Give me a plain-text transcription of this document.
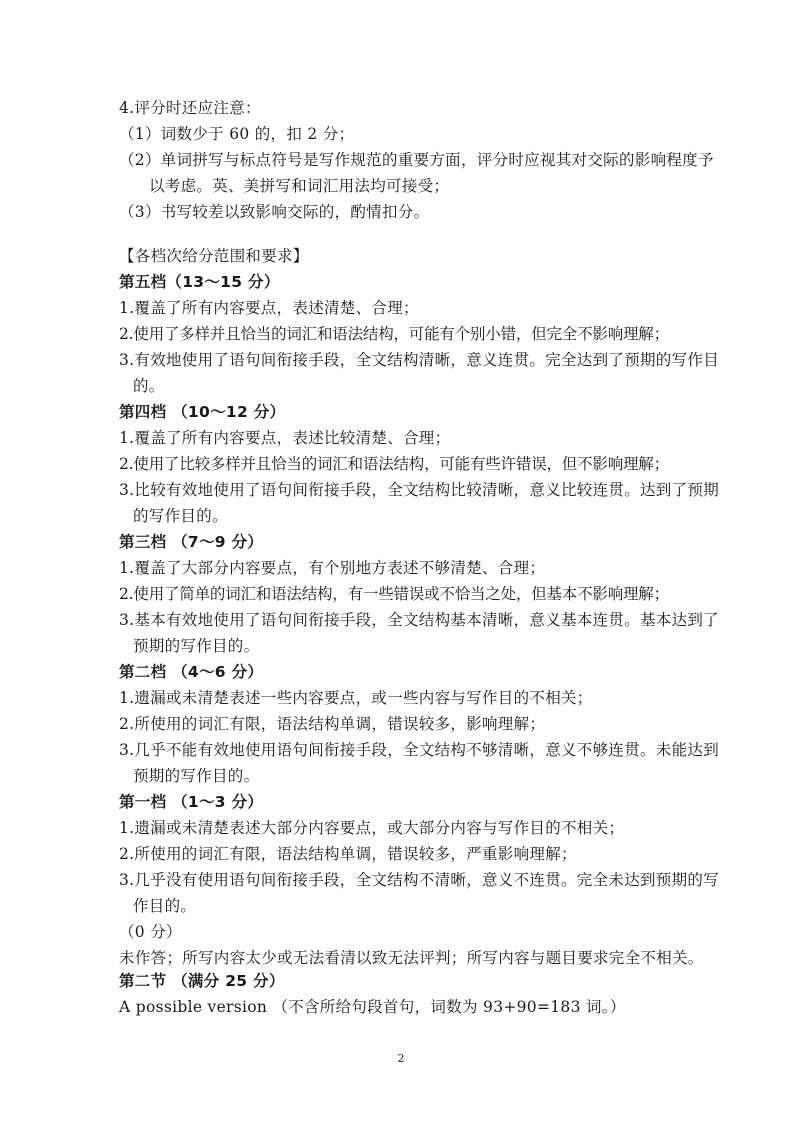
4.评分时还应注意：
（1）词数少于 60 的，扣 2 分；
（2）单词拼写与标点符号是写作规范的重要方面，评分时应视其对交际的影响程度予以考虑。英、美拼写和词汇用法均可接受；
（3）书写较差以致影响交际的，酌情扣分。
【各档次给分范围和要求】
第五档（13～15 分）
1.覆盖了所有内容要点，表述清楚、合理；
2.使用了多样并且恰当的词汇和语法结构，可能有个别小错，但完全不影响理解；
3.有效地使用了语句间衔接手段，全文结构清晰，意义连贯。完全达到了预期的写作目的。
第四档 （10～12 分）
1.覆盖了所有内容要点，表述比较清楚、合理；
2.使用了比较多样并且恰当的词汇和语法结构，可能有些许错误，但不影响理解；
3.比较有效地使用了语句间衔接手段，全文结构比较清晰，意义比较连贯。达到了预期的写作目的。
第三档 （7～9 分）
1.覆盖了大部分内容要点，有个别地方表述不够清楚、合理；
2.使用了简单的词汇和语法结构，有一些错误或不恰当之处，但基本不影响理解；
3.基本有效地使用了语句间衔接手段，全文结构基本清晰，意义基本连贯。基本达到了预期的写作目的。
第二档 （4～6 分）
1.遗漏或未清楚表述一些内容要点，或一些内容与写作目的不相关；
2.所使用的词汇有限，语法结构单调，错误较多，影响理解；
3.几乎不能有效地使用语句间衔接手段，全文结构不够清晰，意义不够连贯。未能达到预期的写作目的。
第一档 （1～3 分）
1.遗漏或未清楚表述大部分内容要点，或大部分内容与写作目的不相关；
2.所使用的词汇有限，语法结构单调，错误较多，严重影响理解；
3.几乎没有使用语句间衔接手段，全文结构不清晰，意义不连贯。完全未达到预期的写作目的。
（0 分）
未作答；所写内容太少或无法看清以致无法评判；所写内容与题目要求完全不相关。
第二节 （满分 25 分）
A possible version （不含所给句段首句，词数为 93+90=183 词。）
2
